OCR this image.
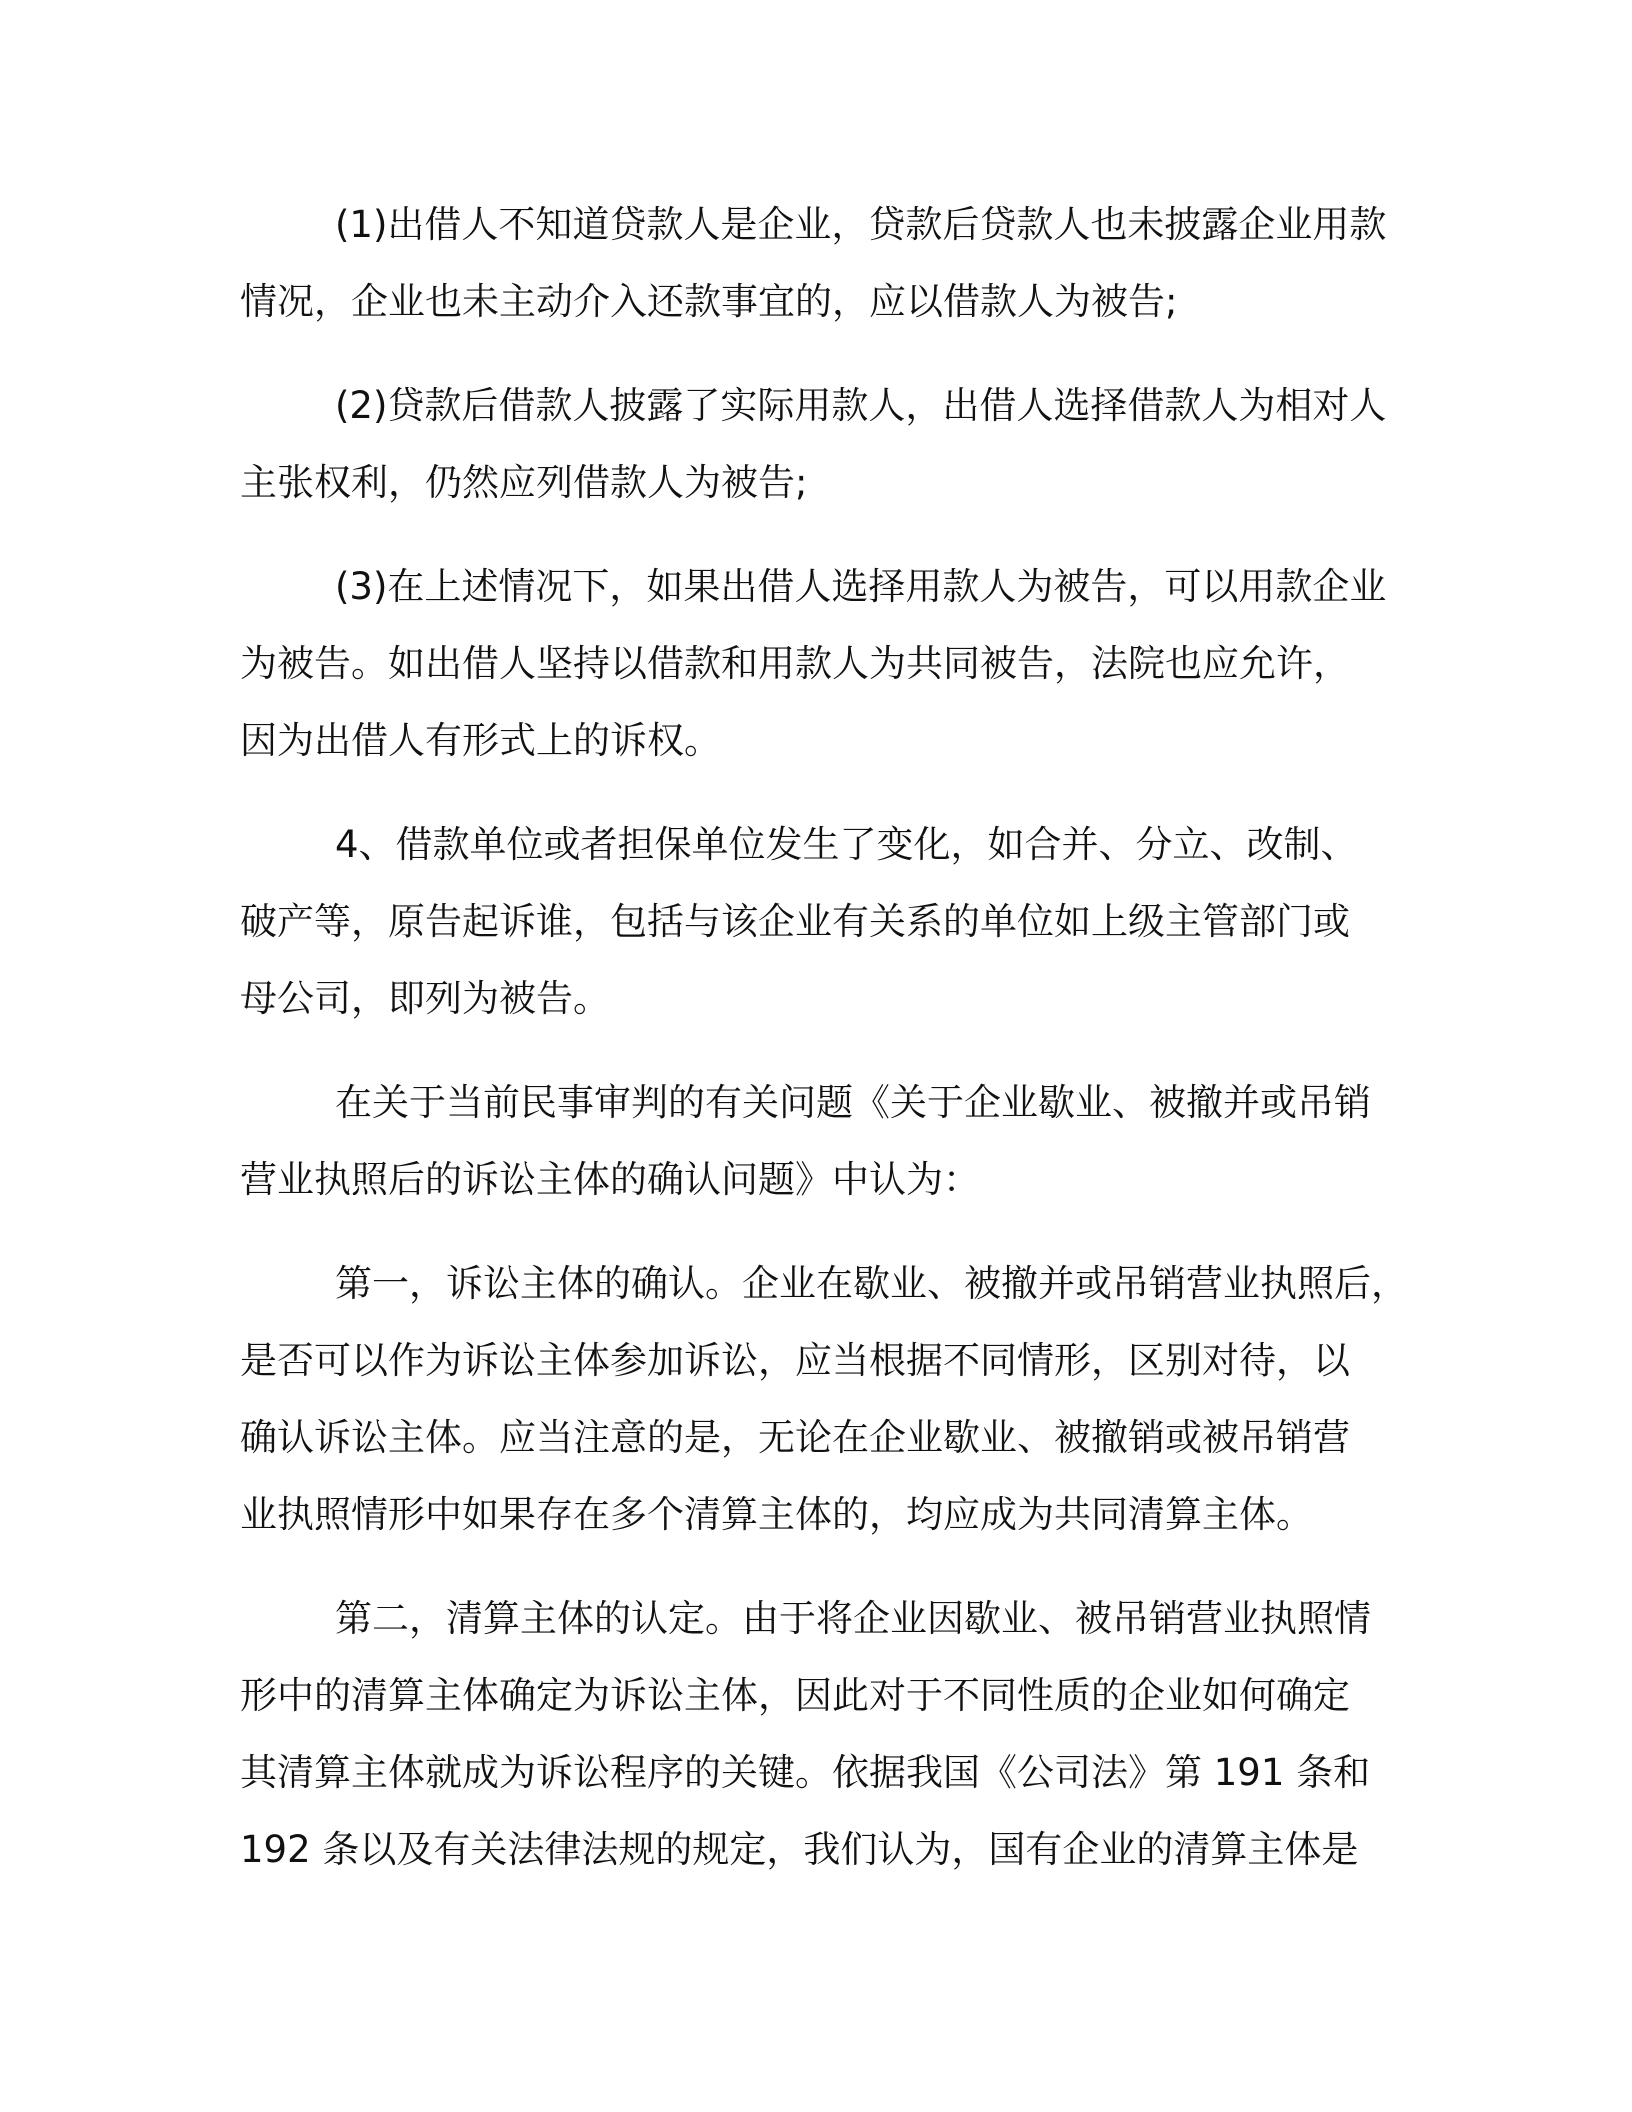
(1)出借人不知道贷款人是企业，贷款后贷款人也未披露企业用款
情况，企业也未主动介入还款事宜的，应以借款人为被告;

(2)贷款后借款人披露了实际用款人，出借人选择借款人为相对人
主张权利，仍然应列借款人为被告;

(3)在上述情况下，如果出借人选择用款人为被告，可以用款企业
为被告。如出借人坚持以借款和用款人为共同被告，法院也应允许，
因为出借人有形式上的诉权。

4、借款单位或者担保单位发生了变化，如合并、分立、改制、
破产等，原告起诉谁，包括与该企业有关系的单位如上级主管部门或
母公司，即列为被告。

在关于当前民事审判的有关问题《关于企业歇业、被撤并或吊销
营业执照后的诉讼主体的确认问题》中认为：

第一，诉讼主体的确认。企业在歇业、被撤并或吊销营业执照后，
是否可以作为诉讼主体参加诉讼，应当根据不同情形，区别对待，以
确认诉讼主体。应当注意的是，无论在企业歇业、被撤销或被吊销营
业执照情形中如果存在多个清算主体的，均应成为共同清算主体。

第二，清算主体的认定。由于将企业因歇业、被吊销营业执照情
形中的清算主体确定为诉讼主体，因此对于不同性质的企业如何确定
其清算主体就成为诉讼程序的关键。依据我国《公司法》第 191 条和
192 条以及有关法律法规的规定，我们认为，国有企业的清算主体是
